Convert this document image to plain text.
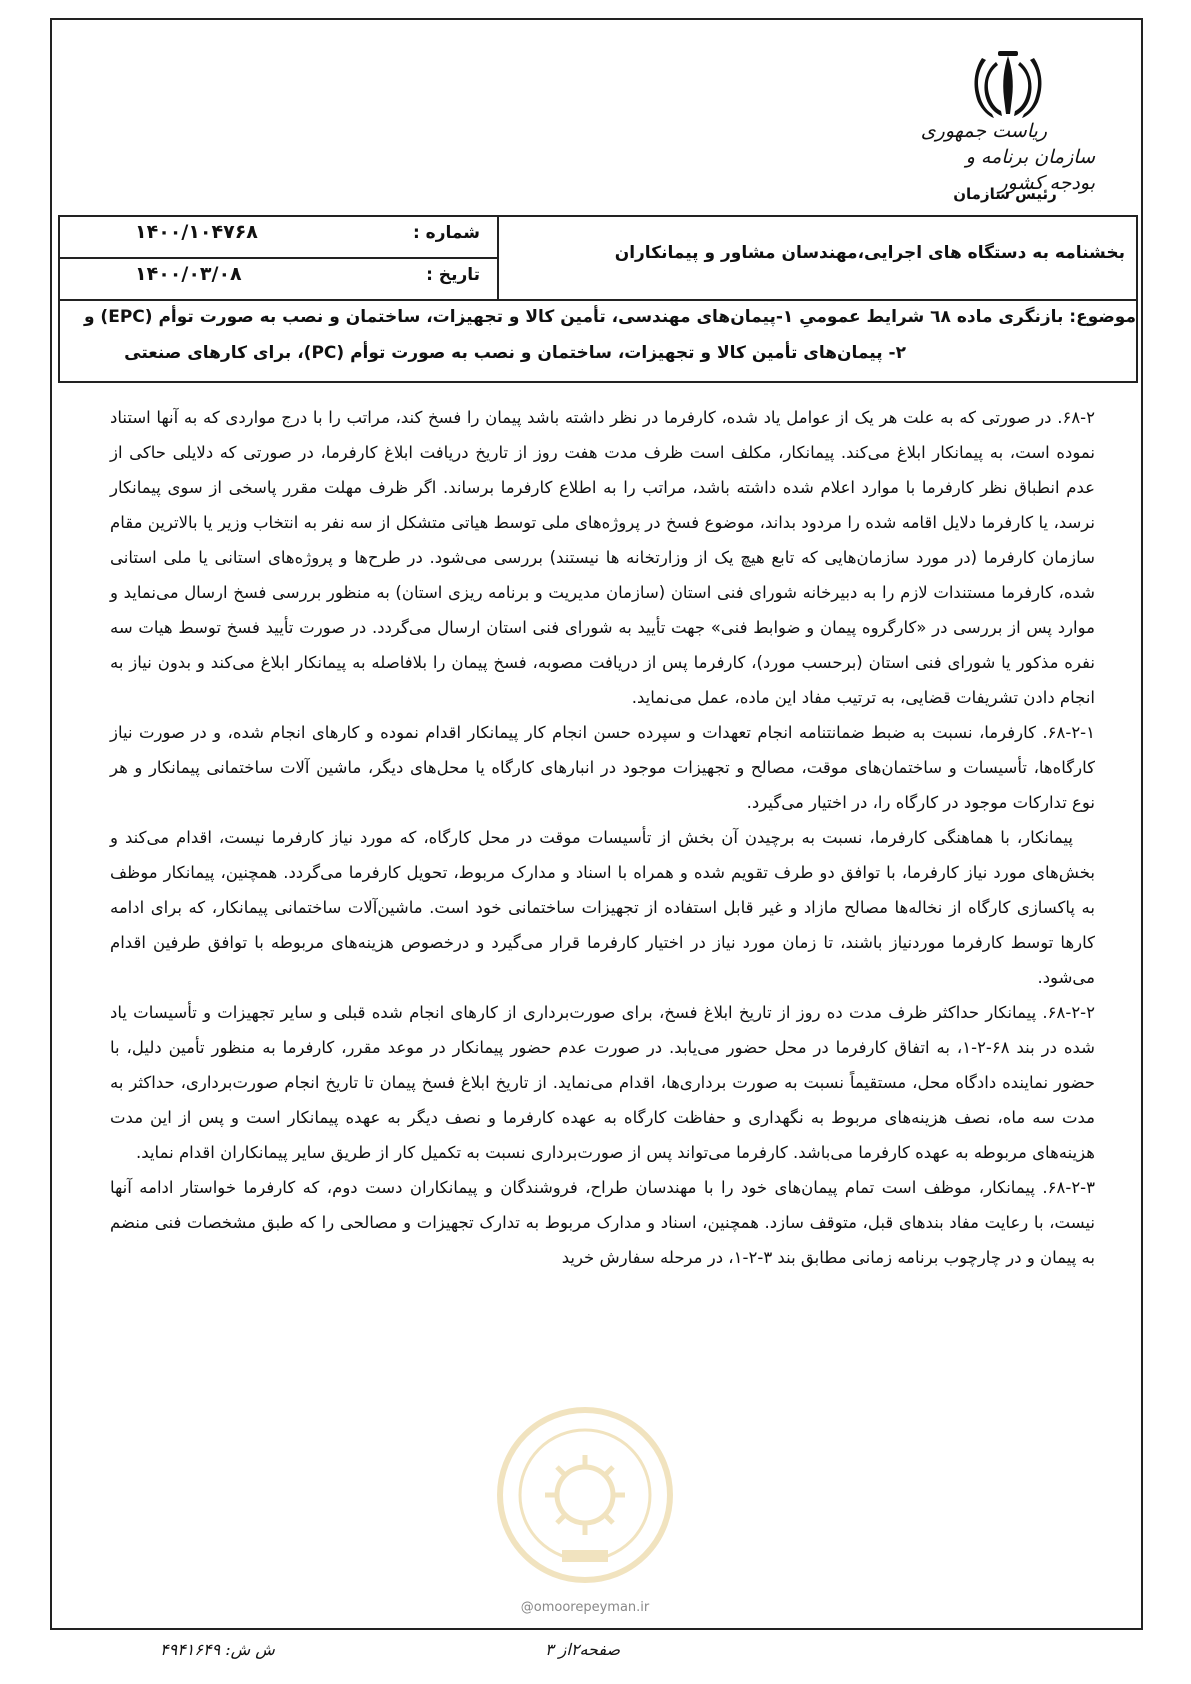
ریاست جمهوری
سازمان برنامه و بودجه کشور
رئیس سازمان
بخشنامه به دستگاه های اجرایی،مهندسان مشاور و پیمانکاران
شماره :
۱۴۰۰/۱۰۴۷۶۸
تاریخ :
۱۴۰۰/۰۳/۰۸
موضوع: بازنگری ماده ٦٨ شرایط عمومیِ ۱-پیمان‌های مهندسی، تأمین کالا و تجهیزات، ساختمان و نصب به صورت توأم (EPC) و
۲- پیمان‌های تأمین کالا و تجهیزات، ساختمان و نصب به صورت توأم (PC)، برای کارهای صنعتی

۶۸-۲. در صورتی که به علت هر یک از عوامل یاد شده، کارفرما در نظر داشته باشد پیمان را فسخ کند، مراتب را با درج مواردی که به آنها استناد نموده است، به پیمانکار ابلاغ می‌کند. پیمانکار، مکلف است ظرف مدت هفت روز از تاریخ دریافت ابلاغ کارفرما، در صورتی که دلایلی حاکی از عدم انطباق نظر کارفرما با موارد اعلام شده داشته باشد، مراتب را به اطلاع کارفرما برساند. اگر ظرف مهلت مقرر پاسخی از سوی پیمانکار نرسد، یا کارفرما دلایل اقامه شده را مردود بداند، موضوع فسخ در پروژه‌های ملی توسط هیاتی متشکل از سه نفر به انتخاب وزیر یا بالاترین مقام سازمان کارفرما (در مورد سازمان‌هایی که تابع هیچ یک از وزارتخانه ها نیستند) بررسی می‌شود. در طرح‌ها و پروژه‌های استانی یا ملی استانی شده، کارفرما مستندات لازم را به دبیرخانه شورای فنی استان (سازمان مدیریت و برنامه ریزی استان) به منظور بررسی فسخ ارسال می‌نماید و موارد پس از بررسی در «کارگروه پیمان و ضوابط فنی» جهت تأیید به شورای فنی استان ارسال می‌گردد. در صورت تأیید فسخ توسط هیات سه نفره مذکور یا شورای فنی استان (برحسب مورد)، کارفرما پس از دریافت مصوبه، فسخ پیمان را بلافاصله به پیمانکار ابلاغ می‌کند و بدون نیاز به انجام دادن تشریفات قضایی، به ترتیب مفاد این ماده، عمل می‌نماید.

۶۸-۲-۱. کارفرما، نسبت به ضبط ضمانتنامه انجام تعهدات و سپرده حسن انجام کار پیمانکار اقدام نموده و کارهای انجام شده، و در صورت نیاز کارگاه‌ها، تأسیسات و ساختمان‌های موقت، مصالح و تجهیزات موجود در انبارهای کارگاه یا محل‌های دیگر، ماشین آلات ساختمانی پیمانکار و هر نوع تدارکات موجود در کارگاه را، در اختیار می‌گیرد.

پیمانکار، با هماهنگی کارفرما، نسبت به برچیدن آن بخش از تأسیسات موقت در محل کارگاه، که مورد نیاز کارفرما نیست، اقدام می‌کند و بخش‌های مورد نیاز کارفرما، با توافق دو طرف تقویم شده و همراه با اسناد و مدارک مربوط، تحویل کارفرما می‌گردد. همچنین، پیمانکار موظف به پاکسازی کارگاه از نخاله‌ها مصالح مازاد و غیر قابل استفاده از تجهیزات ساختمانی خود است. ماشین‌آلات ساختمانی پیمانکار، که برای ادامه کارها توسط کارفرما موردنیاز باشند، تا زمان مورد نیاز در اختیار کارفرما قرار می‌گیرد و درخصوص هزینه‌های مربوطه با توافق طرفین اقدام می‌شود.

۶۸-۲-۲. پیمانکار حداکثر ظرف مدت ده روز از تاریخ ابلاغ فسخ، برای صورت‌برداری از کارهای انجام شده قبلی و سایر تجهیزات و تأسیسات یاد شده در بند ۶۸-۲-۱، به اتفاق کارفرما در محل حضور می‌یابد. در صورت عدم حضور پیمانکار در موعد مقرر، کارفرما به منظور تأمین دلیل، با حضور نماینده دادگاه محل، مستقیماً نسبت به صورت برداری‌ها، اقدام می‌نماید. از تاریخ ابلاغ فسخ پیمان تا تاریخ انجام صورت‌برداری، حداکثر به مدت سه ماه، نصف هزینه‌های مربوط به نگهداری و حفاظت کارگاه به عهده کارفرما و نصف دیگر به عهده پیمانکار است و پس از این مدت هزینه‌های مربوطه به عهده کارفرما می‌باشد. کارفرما می‌تواند پس از صورت‌برداری نسبت به تکمیل کار از طریق سایر پیمانکاران اقدام نماید.

۶۸-۲-۳. پیمانکار، موظف است تمام پیمان‌های خود را با مهندسان طراح، فروشندگان و پیمانکاران دست دوم، که کارفرما خواستار ادامه آنها نیست، با رعایت مفاد بندهای قبل، متوقف سازد. همچنین، اسناد و مدارک مربوط به تدارک تجهیزات و مصالحی را که طبق مشخصات فنی منضم به پیمان و در چارچوب برنامه زمانی مطابق بند ۳-۲-۱، در مرحله سفارش خرید

@omoorepeyman.ir
ش ش: ۴۹۴۱۶۴۹	صفحه۲از ۳
